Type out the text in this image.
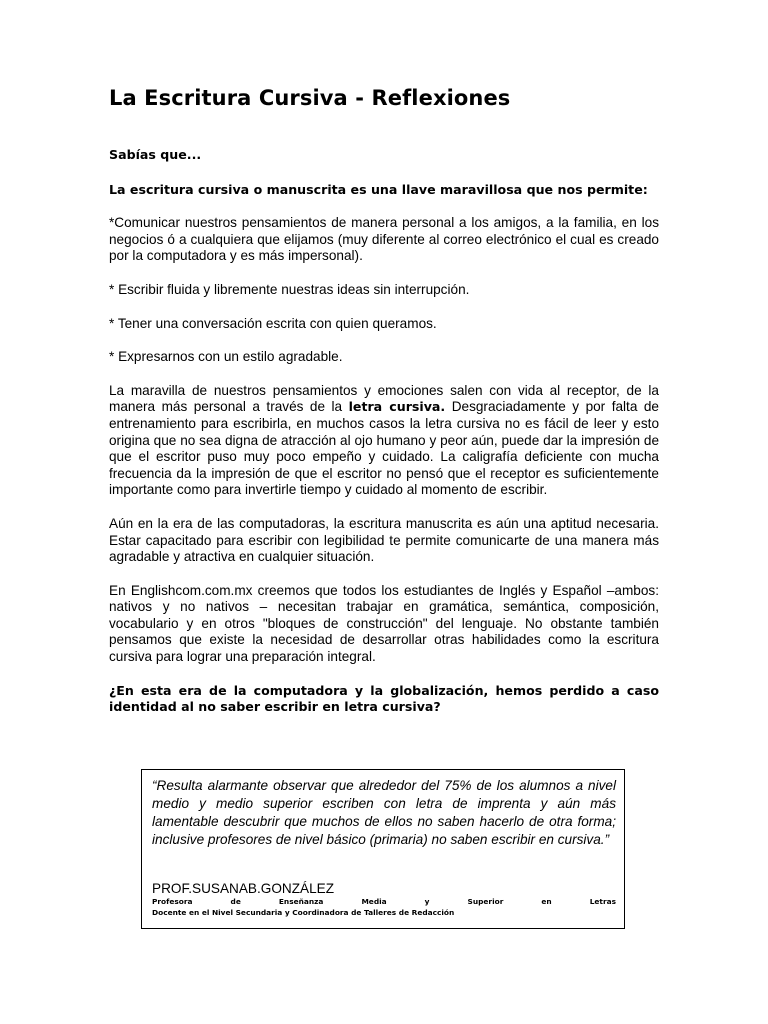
La Escritura Cursiva - Reflexiones

Sabías que...

La escritura cursiva o manuscrita es una llave maravillosa que nos permite:

*Comunicar nuestros pensamientos de manera personal a los amigos, a la familia, en los negocios ó a cualquiera que elijamos (muy diferente al correo electrónico el cual es creado por la computadora y es más impersonal).

* Escribir fluida y libremente nuestras ideas sin interrupción.

* Tener una conversación escrita con quien queramos.

* Expresarnos con un estilo agradable.

La maravilla de nuestros pensamientos y emociones salen con vida al receptor, de la manera más personal a través de la letra cursiva. Desgraciadamente y por falta de entrenamiento para escribirla, en muchos casos la letra cursiva no es fácil de leer y esto origina que no sea digna de atracción al ojo humano y peor aún, puede dar la impresión de que el escritor puso muy poco empeño y cuidado. La caligrafía deficiente con mucha frecuencia da la impresión de que el escritor no pensó que el receptor es suficientemente importante como para invertirle tiempo y cuidado al momento de escribir.

Aún en la era de las computadoras, la escritura manuscrita es aún una aptitud necesaria. Estar capacitado para escribir con legibilidad te permite comunicarte de una manera más agradable y atractiva en cualquier situación.

En Englishcom.com.mx creemos que todos los estudiantes de Inglés y Español –ambos: nativos y no nativos – necesitan trabajar en gramática, semántica, composición, vocabulario y en otros "bloques de construcción" del lenguaje. No obstante también pensamos que existe la necesidad de desarrollar otras habilidades como la escritura cursiva para lograr una preparación integral.

¿En esta era de la computadora y la globalización, hemos perdido a caso identidad al no saber escribir en letra cursiva?

“Resulta alarmante observar que alrededor del 75% de los alumnos a nivel medio y medio superior escriben con letra de imprenta y aún más lamentable descubrir que muchos de ellos no saben hacerlo de otra forma; inclusive profesores de nivel básico (primaria) no saben escribir en cursiva.”

PROF.SUSANAB.GONZÁLEZ

Profesora de Enseñanza Media y Superior en Letras

Docente en el Nivel Secundaria y Coordinadora de Talleres de Redacción
